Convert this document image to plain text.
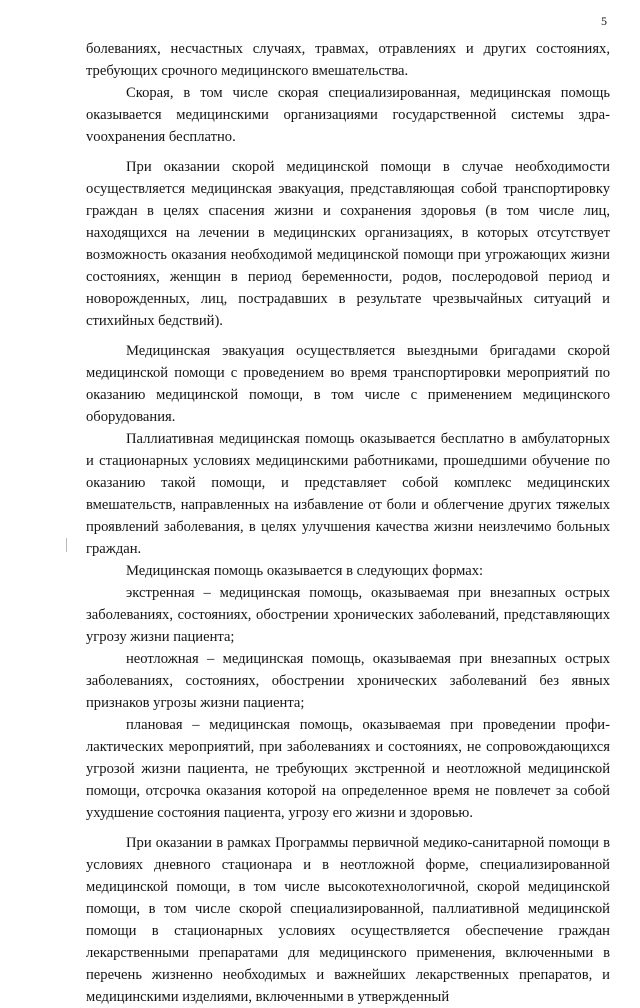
5

болеваниях, несчастных случаях, травмах, отравлениях и других состояниях, требующих срочного медицинского вмешательства.

Скорая, в том числе скорая специализированная, медицинская помощь оказывается медицинскими организациями государственной системы здраvоохранения бесплатно.

При оказании скорой медицинской помощи в случае необходимости осуществляется медицинская эвакуация, представляющая собой транспортировку граждан в целях спасения жизни и сохранения здоровья (в том числе лиц, находящихся на лечении в медицинских организациях, в которых отсутствует возможность оказания необходимой медицинской помощи при угрожающих жизни состояниях, женщин в период беременности, родов, послеродовой период и новорожденных, лиц, пострадавших в результате чрезвычайных ситуаций и стихийных бедствий).

Медицинская эвакуация осуществляется выездными бригадами скорой медицинской помощи с проведением во время транспортировки мероприятий по оказанию медицинской помощи, в том числе с применением медицинского оборудования.

Паллиативная медицинская помощь оказывается бесплатно в амбулаторных и стационарных условиях медицинскими работниками, прошедшими обучение по оказанию такой помощи, и представляет собой комплекс медицинских вмешательств, направленных на избавление от боли и облегчение других тяжелых проявлений заболевания, в целях улучшения качества жизни неизлечимо больных граждан.

Медицинская помощь оказывается в следующих формах:

экстренная – медицинская помощь, оказываемая при внезапных острых заболеваниях, состояниях, обострении хронических заболеваний, представляющих угрозу жизни пациента;

неотложная – медицинская помощь, оказываемая при внезапных острых заболеваниях, состояниях, обострении хронических заболеваний без явных признаков угрозы жизни пациента;

плановая – медицинская помощь, оказываемая при проведении профилактических мероприятий, при заболеваниях и состояниях, не сопровождающихся угрозой жизни пациента, не требующих экстренной и неотложной медицинской помощи, отсрочка оказания которой на определенное время не повлечет за собой ухудшение состояния пациента, угрозу его жизни и здоровью.

При оказании в рамках Программы первичной медико-санитарной помощи в условиях дневного стационара и в неотложной форме, специализированной медицинской помощи, в том числе высокотехнологичной, скорой медицинской помощи, в том числе скорой специализированной, паллиативной медицинской помощи в стационарных условиях осуществляется обеспечение граждан лекарственными препаратами для медицинского применения, включенными в перечень жизненно необходимых и важнейших лекарственных препаратов, и медицинскими изделиями, включенными в утвержденный
